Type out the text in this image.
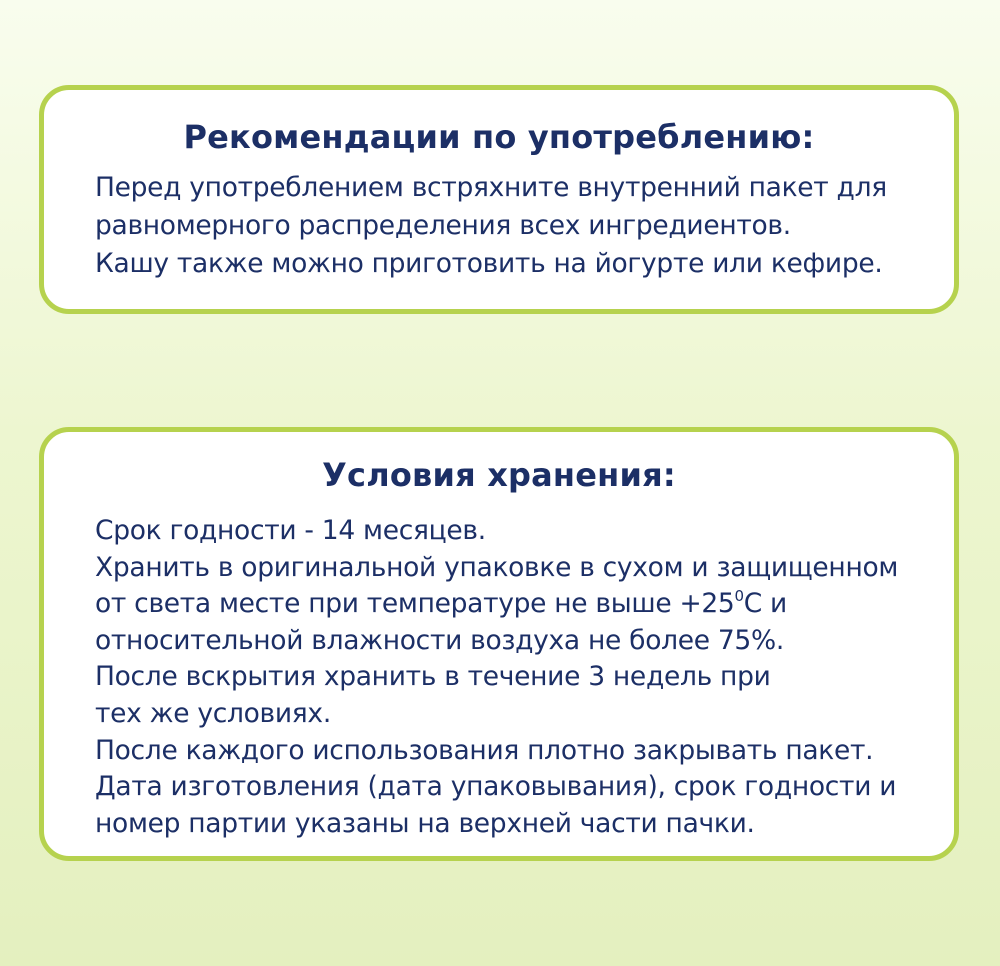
Рекомендации по употреблению:
Перед употреблением встряхните внутренний пакет для
равномерного распределения всех ингредиентов.
Кашу также можно приготовить на йогурте или кефире.
Условия хранения:
Срок годности - 14 месяцев.
Хранить в оригинальной упаковке в сухом и защищенном
от света месте при температуре не выше $+25^0С$ и
относительной влажности воздуха не более 75%.
После вскрытия хранить в течение 3 недель при
тех же условиях.
После каждого использования плотно закрывать пакет.
Дата изготовления (дата упаковывания), срок годности и
номер партии указаны на верхней части пачки.
